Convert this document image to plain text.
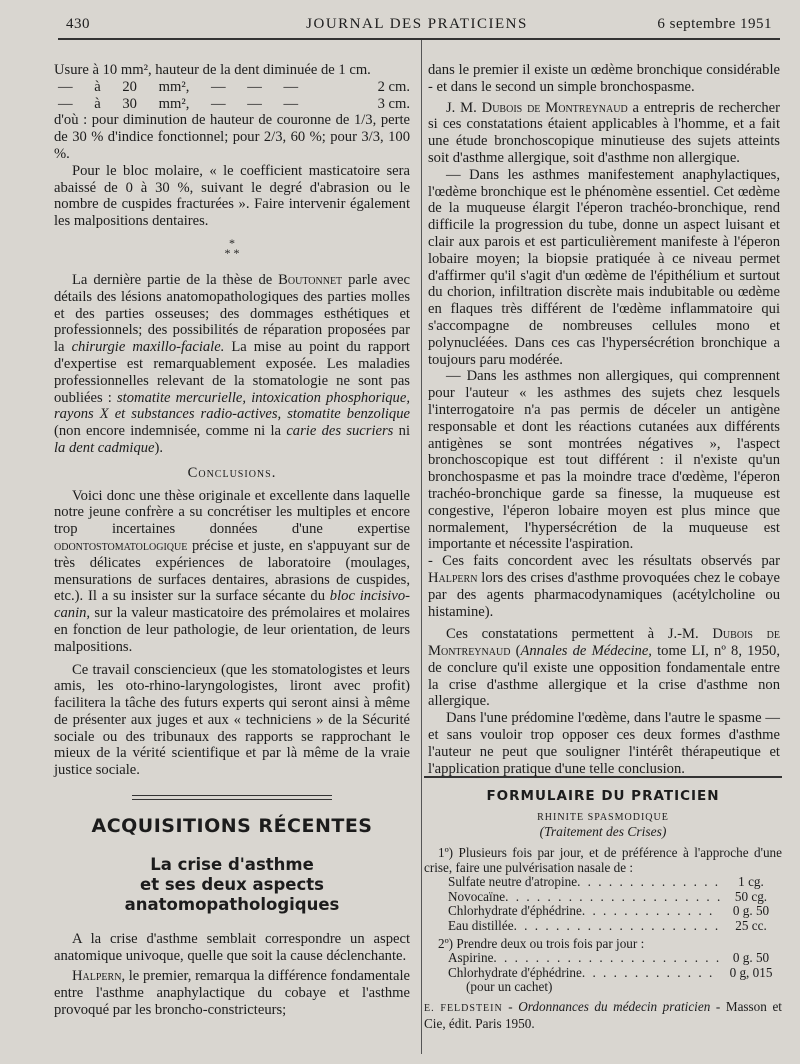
430	JOURNAL DES PRATICIENS	6 septembre 1951
Usure à 10 mm², hauteur de la dent diminuée de 1 cm.
— à 20 mm², — — —	2 cm.
— à 30 mm², — — —	3 cm.

d'où : pour diminution de hauteur de couronne de 1/3, perte de 30 % d'indice fonctionnel; pour 2/3, 60 %; pour 3/3, 100 %.

Pour le bloc molaire, « le coefficient masticatoire sera abaissé de 0 à 30 %, suivant le degré d'abrasion ou le nombre de cuspides fracturées ». Faire intervenir également les malpositions dentaires.

*
* *

La dernière partie de la thèse de Boutonnet parle avec détails des lésions anatomopathologiques des parties molles et des parties osseuses; des dommages esthétiques et professionnels; des possibilités de réparation proposées par la chirurgie maxillo-faciale. La mise au point du rapport d'expertise est remarquablement exposée. Les maladies professionnelles relevant de la stomatologie ne sont pas oubliées : stomatite mercurielle, intoxication phosphorique, rayons X et substances radio-actives, stomatite benzolique (non encore indemnisée, comme ni la carie des sucriers ni la dent cadmique).

Conclusions.

Voici donc une thèse originale et excellente dans laquelle notre jeune confrère a su concrétiser les multiples et encore trop incertaines données d'une expertise odontostomatologique précise et juste, en s'appuyant sur de très délicates expériences de laboratoire (moulages, mensurations de surfaces dentaires, abrasions de cuspides, etc.). Il a su insister sur la surface sécante du bloc incisivo-canin, sur la valeur masticatoire des prémolaires et molaires en fonction de leur pathologie, de leur orientation, de leurs malpositions.

Ce travail consciencieux (que les stomatologistes et leurs amis, les oto-rhino-laryngologistes, liront avec profit) facilitera la tâche des futurs experts qui seront ainsi à même de présenter aux juges et aux « techniciens » de la Sécurité sociale ou des tribunaux des rapports se rapprochant le mieux de la vérité scientifique et par là même de la vraie justice sociale.

ACQUISITIONS RÉCENTES
La crise d'asthme
et ses deux aspects anatomopathologiques

A la crise d'asthme semblait correspondre un aspect anatomique univoque, quelle que soit la cause déclenchante.

Halpern, le premier, remarqua la différence fondamentale entre l'asthme anaphylactique du cobaye et l'asthme provoqué par les broncho-constricteurs;

dans le premier il existe un œdème bronchique considérable - et dans le second un simple bronchospasme.

J. M. Dubois de Montreynaud a entrepris de rechercher si ces constatations étaient applicables à l'homme, et a fait une étude bronchoscopique minutieuse des sujets atteints soit d'asthme allergique, soit d'asthme non allergique.

— Dans les asthmes manifestement anaphylactiques, l'œdème bronchique est le phénomène essentiel. Cet œdème de la muqueuse élargit l'éperon trachéo-bronchique, rend difficile la progression du tube, donne un aspect luisant et clair aux parois et est particulièrement manifeste à l'éperon lobaire moyen; la biopsie pratiquée à ce niveau permet d'affirmer qu'il s'agit d'un œdème de l'épithélium et surtout du chorion, infiltration discrète mais indubitable ou œdème en flaques très différent de l'œdème inflammatoire qui s'accompagne de nombreuses cellules mono et polynucléées. Dans ces cas l'hypersécrétion bronchique a toujours paru modérée.

— Dans les asthmes non allergiques, qui comprennent pour l'auteur « les asthmes des sujets chez lesquels l'interrogatoire n'a pas permis de déceler un antigène responsable et dont les réactions cutanées aux différents antigènes se sont montrées négatives », l'aspect bronchoscopique est tout différent : il n'existe qu'un bronchospasme et pas la moindre trace d'œdème, l'éperon trachéo-bronchique garde sa finesse, la muqueuse est congestive, l'éperon lobaire moyen est plus mince que normalement, l'hypersécrétion de la muqueuse est importante et nécessite l'aspiration.

- Ces faits concordent avec les résultats observés par Halpern lors des crises d'asthme provoquées chez le cobaye par des agents pharmacodynamiques (acétylcholine ou histamine).

Ces constatations permettent à J.-M. Dubois de Montreynaud (Annales de Médecine, tome LI, nº 8, 1950, de conclure qu'il existe une opposition fondamentale entre la crise d'asthme allergique et la crise d'asthme non allergique.

Dans l'une prédomine l'œdème, dans l'autre le spasme — et sans vouloir trop opposer ces deux formes d'asthme l'auteur ne peut que souligner l'intérêt thérapeutique et l'application pratique d'une telle conclusion.

FORMULAIRE DU PRATICIEN
RHINITE SPASMODIQUE
(Traitement des Crises)

1º) Plusieurs fois par jour, et de préférence à l'approche d'une crise, faire une pulvérisation nasale de :

Sulfate neutre d'atropine . . .	1 cg.
Novocaïne . . .	50 cg.
Chlorhydrate d'éphédrine . . .	0 g. 50
Eau distillée . . .	25 cc.

2º) Prendre deux ou trois fois par jour :

Aspirine . . .	0 g. 50
Chlorhydrate d'éphédrine . . .	0 g, 015
(pour un cachet)

E. FELDSTEIN - Ordonnances du médecin praticien - Masson et Cie, édit. Paris 1950.
